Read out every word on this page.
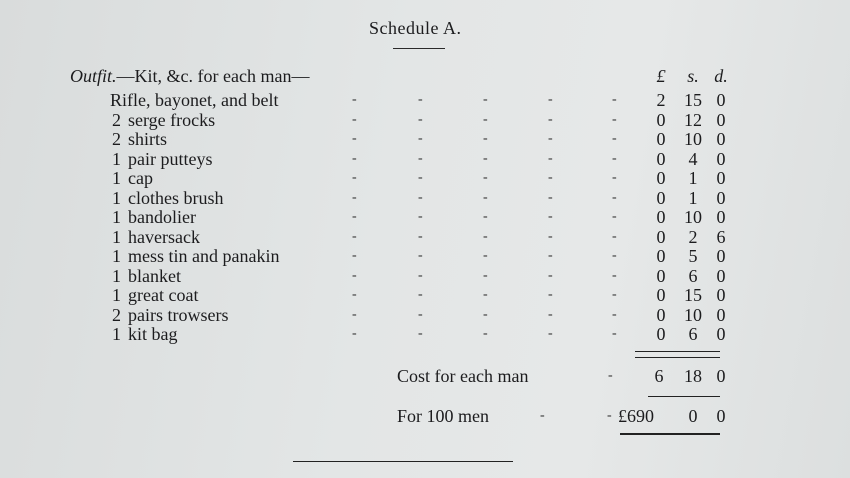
Schedule A.
Outfit.—Kit, &c. for each man—	£	s. d.
Rifle, bayonet, and belt	-	-	-	-	- 2 15 0
2 serge frocks	-	-	-	-	- 0 12 0
2 shirts	-	-	-	-	- 0 10 0
1 pair putteys	-	-	-	-	- 0	4	0
1 cap	-	-	-	-	- 0	1	0
1 clothes brush	-	-	-	-	- 0	1	0
1 bandolier	-	-	-	-	- 0 10 0
1 haversack	-	-	-	-	- 0	2	6
1 mess tin and panakin	-	-	-	-	- 0	5	0
1 blanket	-	-	-	-	- 0	6	0
1 great coat	-	-	-	-	- 0 15 0
2 pairs trowsers	-	-	-	-	- 0 10 0
1 kit bag	-	-	-	-	- 0	6	0
Cost for each man	- 6 18 0
For 100 men	-	- £690	0	0
